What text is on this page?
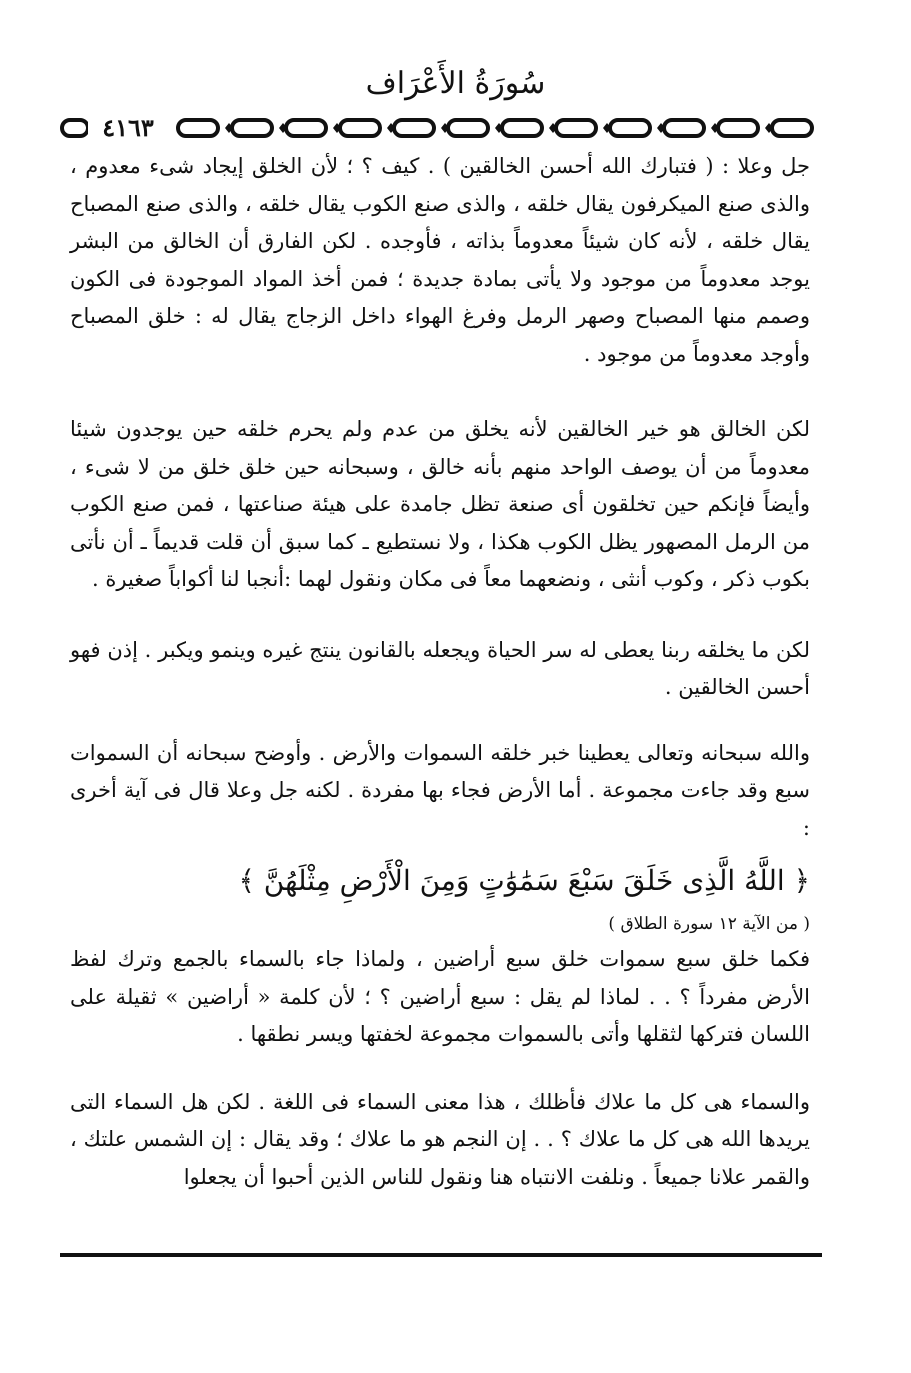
سُورَةُ الأَعْرَاف
٤١٦٣

جل وعلا : ( فتبارك الله أحسن الخالقين ) . كيف ؟ ؛ لأن الخلق إيجاد شىء معدوم ، والذى صنع الميكرفون يقال خلقه ، والذى صنع الكوب يقال خلقه ، والذى صنع المصباح يقال خلقه ، لأنه كان شيئاً معدوماً بذاته ، فأوجده . لكن الفارق أن الخالق من البشر يوجد معدوماً من موجود ولا يأتى بمادة جديدة ؛ فمن أخذ المواد الموجودة فى الكون وصمم منها المصباح وصهر الرمل وفرغ الهواء داخل الزجاج يقال له : خلق المصباح وأوجد معدوماً من موجود .

لكن الخالق هو خير الخالقين لأنه يخلق من عدم ولم يحرم خلقه حين يوجدون شيئا معدوماً من أن يوصف الواحد منهم بأنه خالق ، وسبحانه حين خلق خلق من لا شىء ، وأيضاً فإنكم حين تخلقون أى صنعة تظل جامدة على هيئة صناعتها ، فمن صنع الكوب من الرمل المصهور يظل الكوب هكذا ، ولا نستطيع ـ كما سبق أن قلت قديماً ـ أن نأتى بكوب ذكر ، وكوب أنثى ، ونضعهما معاً فى مكان ونقول لهما :أنجبا لنا أكواباً صغيرة .

لكن ما يخلقه ربنا يعطى له سر الحياة ويجعله بالقانون ينتج غيره وينمو ويكبر . إذن فهو أحسن الخالقين .

والله سبحانه وتعالى يعطينا خبر خلقه السموات والأرض . وأوضح سبحانه أن السموات سبع وقد جاءت مجموعة . أما الأرض فجاء بها مفردة . لكنه جل وعلا قال فى آية أخرى :

﴿ اللَّهُ الَّذِى خَلَقَ سَبْعَ سَمَٰوَٰتٍ وَمِنَ الْأَرْضِ مِثْلَهُنَّ ﴾
( من الآية ١٢ سورة الطلاق )

فكما خلق سبع سموات خلق سبع أراضين ، ولماذا جاء بالسماء بالجمع وترك لفظ الأرض مفرداً ؟ . . لماذا لم يقل : سبع أراضين ؟ ؛ لأن كلمة « أراضين » ثقيلة على اللسان فتركها لثقلها وأتى بالسموات مجموعة لخفتها ويسر نطقها .

والسماء هى كل ما علاك فأظلك ، هذا معنى السماء فى اللغة . لكن هل السماء التى يريدها الله هى كل ما علاك ؟ . . إن النجم هو ما علاك ؛ وقد يقال : إن الشمس علتك ، والقمر علانا جميعاً . ونلفت الانتباه هنا ونقول للناس الذين أحبوا أن يجعلوا
